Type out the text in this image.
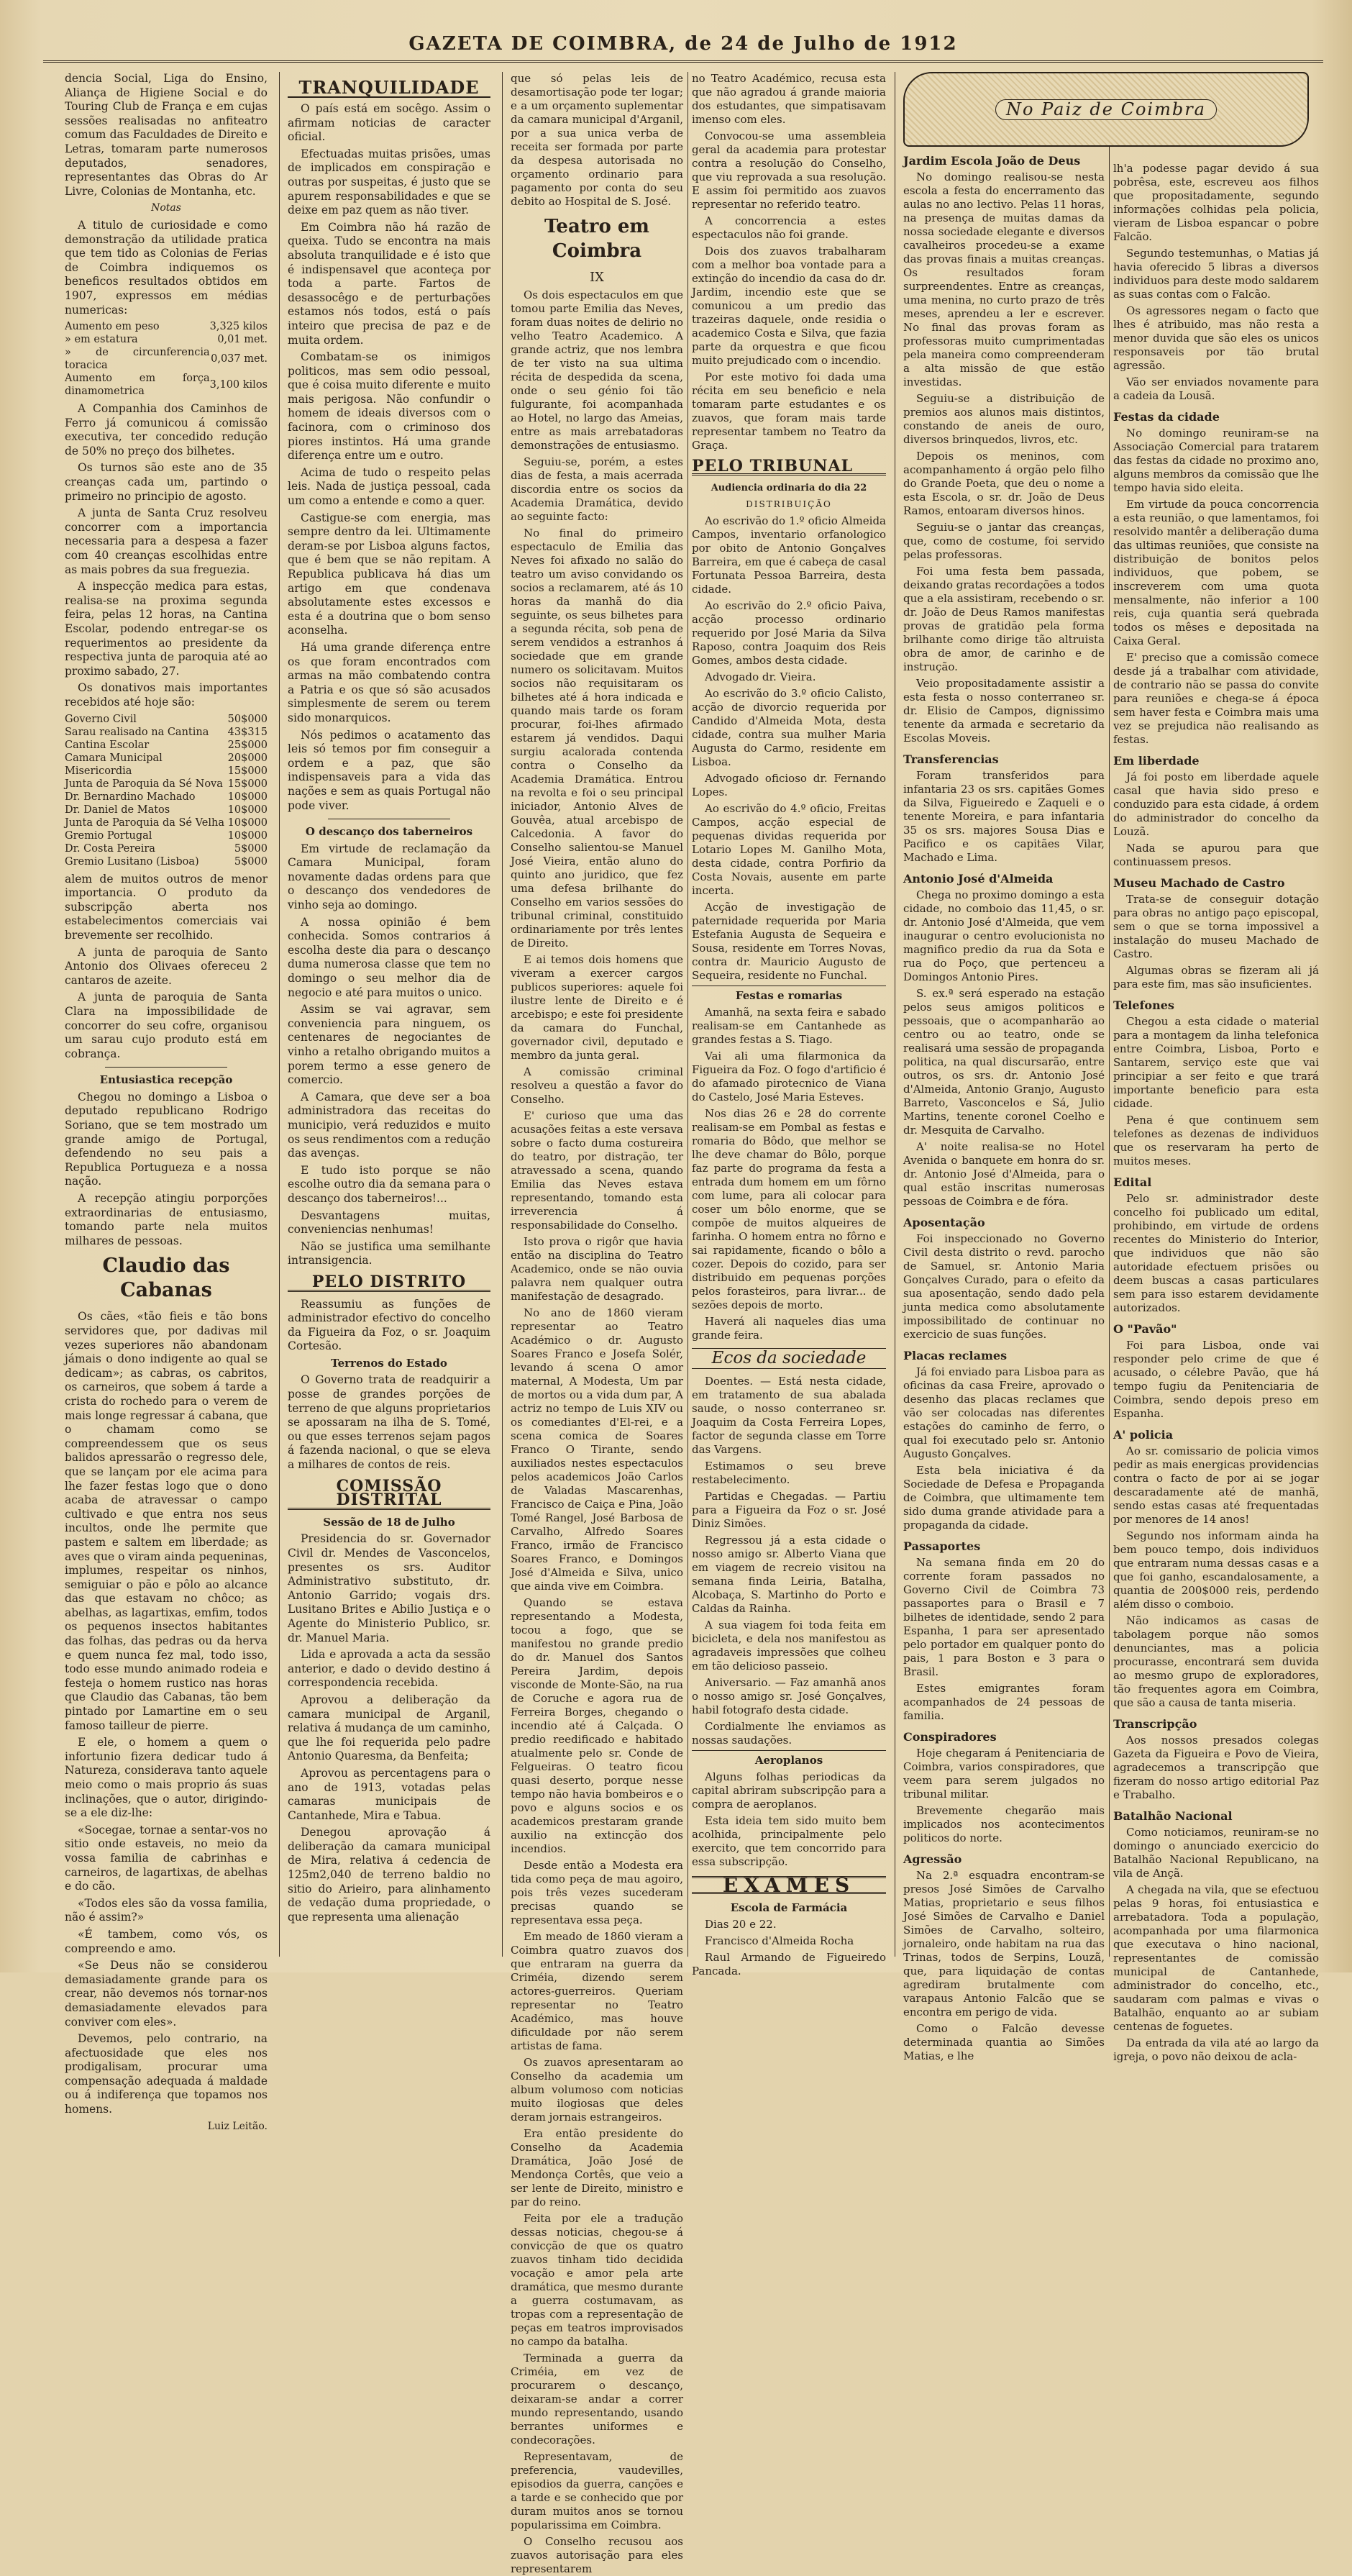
GAZETA DE COIMBRA, de 24 de Julho de 1912

dencia Social, Liga do Ensino, Aliança de Higiene Social e do Touring Club de França e em cujas sessões realisadas no anfiteatro comum das Faculdades de Direito e Letras, tomaram parte numerosos deputados, senadores, representantes das Obras do Ar Livre, Colonias de Montanha, etc.

Notas

A titulo de curiosidade e como demonstração da utilidade pratica que tem tido as Colonias de Ferias de Coimbra indiquemos os beneficos resultados obtidos em 1907, expressos em médias numericas:

Aumento em peso	3,325 kilos
» em estatura	0,01 met.
» de circunferencia toracica	0,037 met.
Aumento em força dinamometrica	3,100 kilos

A Companhia dos Caminhos de Ferro já comunicou á comissão executiva, ter concedido redução de 50% no preço dos bilhetes.

Os turnos são este ano de 35 creanças cada um, partindo o primeiro no principio de agosto.

A junta de Santa Cruz resolveu concorrer com a importancia necessaria para a despesa a fazer com 40 creanças escolhidas entre as mais pobres da sua freguezia.

A inspecção medica para estas, realisa-se na proxima segunda feira, pelas 12 horas, na Cantina Escolar, podendo entregar-se os requerimentos ao presidente da respectiva junta de paroquia até ao proximo sabado, 27.

Os donativos mais importantes recebidos até hoje são:

Governo Civil	50$000
Sarau realisado na Cantina	43$315
Cantina Escolar	25$000
Camara Municipal	20$000
Misericordia	15$000
Junta de Paroquia da Sé Nova	15$000
Dr. Bernardino Machado	10$000
Dr. Daniel de Matos	10$000
Junta de Paroquia da Sé Velha	10$000
Gremio Portugal	10$000
Dr. Costa Pereira	5$000
Gremio Lusitano (Lisboa)	5$000

alem de muitos outros de menor importancia. O produto da subscripção aberta nos estabelecimentos comerciais vai brevemente ser recolhido.

A junta de paroquia de Santo Antonio dos Olivaes ofereceu 2 cantaros de azeite.

A junta de paroquia de Santa Clara na impossibilidade de concorrer do seu cofre, organisou um sarau cujo produto está em cobrança.

Entusiastica recepção

Chegou no domingo a Lisboa o deputado republicano Rodrigo Soriano, que se tem mostrado um grande amigo de Portugal, defendendo no seu pais a Republica Portugueza e a nossa nação.

A recepção atingiu porporções extraordinarias de entusiasmo, tomando parte nela muitos milhares de pessoas.

Claudio das Cabanas

Os cães, «tão fieis e tão bons servidores que, por dadivas mil vezes superiores não abandonam jámais o dono indigente ao qual se dedicam»; as cabras, os cabritos, os carneiros, que sobem á tarde a crista do rochedo para o verem de mais longe regressar á cabana, que o chamam como se compreendessem que os seus balidos apressarão o regresso dele, que se lançam por ele acima para lhe fazer festas logo que o dono acaba de atravessar o campo cultivado e que entra nos seus incultos, onde lhe permite que pastem e saltem em liberdade; as aves que o viram ainda pequeninas, implumes, respeitar os ninhos, semiguiar o pão e pôlo ao alcance das que estavam no chôco; as abelhas, as lagartixas, emfim, todos os pequenos insectos habitantes das folhas, das pedras ou da herva e quem nunca fez mal, todo isso, todo esse mundo animado rodeia e festeja o homem rustico nas horas que Claudio das Cabanas, tão bem pintado por Lamartine em o seu famoso tailleur de pierre.

E ele, o homem a quem o infortunio fizera dedicar tudo á Natureza, considerava tanto aquele meio como o mais proprio ás suas inclinações, que o autor, dirigindo-se a ele diz-lhe:

«Socegae, tornae a sentar-vos no sitio onde estaveis, no meio da vossa familia de cabrinhas e carneiros, de lagartixas, de abelhas e do cão.

«Todos eles são da vossa familia, não é assim?»

«É tambem, como vós, os compreendo e amo.

«Se Deus não se considerou demasiadamente grande para os crear, não devemos nós tornar-nos demasiadamente elevados para conviver com eles».

Devemos, pelo contrario, na afectuosidade que eles nos prodigalisam, procurar uma compensação adequada á maldade ou á indiferença que topamos nos homens.

Luiz Leitão.
TRANQUILIDADE

O país está em socêgo. Assim o afirmam noticias de caracter oficial.

Efectuadas muitas prisões, umas de implicados em conspiração e outras por suspeitas, é justo que se apurem responsabilidades e que se deixe em paz quem as não tiver.

Em Coimbra não há razão de queixa. Tudo se encontra na mais absoluta tranquilidade e é isto que é indispensavel que aconteça por toda a parte. Fartos de desassocêgo e de perturbações estamos nós todos, está o país inteiro que precisa de paz e de muita ordem.

Combatam-se os inimigos politicos, mas sem odio pessoal, que é coisa muito diferente e muito mais perigosa. Não confundir o homem de ideais diversos com o facinora, com o criminoso dos piores instintos. Há uma grande diferença entre um e outro.

Acima de tudo o respeito pelas leis. Nada de justiça pessoal, cada um como a entende e como a quer.

Castigue-se com energia, mas sempre dentro da lei. Ultimamente deram-se por Lisboa alguns factos, que é bem que se não repitam. A Republica publicava há dias um artigo em que condenava absolutamente estes excessos e esta é a doutrina que o bom senso aconselha.

Há uma grande diferença entre os que foram encontrados com armas na mão combatendo contra a Patria e os que só são acusados simplesmente de serem ou terem sido monarquicos.

Nós pedimos o acatamento das leis só temos por fim conseguir a ordem e a paz, que são indispensaveis para a vida das nações e sem as quais Portugal não pode viver.

O descanço dos taberneiros

Em virtude de reclamação da Camara Municipal, foram novamente dadas ordens para que o descanço dos vendedores de vinho seja ao domingo.

A nossa opinião é bem conhecida. Somos contrarios á escolha deste dia para o descanço duma numerosa classe que tem no domingo o seu melhor dia de negocio e até para muitos o unico.

Assim se vai agravar, sem conveniencia para ninguem, os centenares de negociantes de vinho a retalho obrigando muitos a porem termo a esse genero de comercio.

A Camara, que deve ser a boa administradora das receitas do municipio, verá reduzidos e muito os seus rendimentos com a redução das avenças.

E tudo isto porque se não escolhe outro dia da semana para o descanço dos taberneiros!...

Desvantagens muitas, conveniencias nenhumas!

Não se justifica uma semilhante intransigencia.

PELO DISTRITO

Reassumiu as funções de administrador efectivo do concelho da Figueira da Foz, o sr. Joaquim Cortesão.

Terrenos do Estado

O Governo trata de readquirir a posse de grandes porções de terreno de que alguns proprietarios se apossaram na ilha de S. Tomé, ou que esses terrenos sejam pagos á fazenda nacional, o que se eleva a milhares de contos de reis.

COMISSÃO DISTRITAL
Sessão de 18 de Julho

Presidencia do sr. Governador Civil dr. Mendes de Vasconcelos, presentes os srs. Auditor Administrativo substituto, dr. Antonio Garrido; vogais drs. Lusitano Brites e Abilio Justiça e o Agente do Ministerio Publico, sr. dr. Manuel Maria.

Lida e aprovada a acta da sessão anterior, e dado o devido destino á correspondencia recebida.

Aprovou a deliberação da camara municipal de Arganil, relativa á mudança de um caminho, que lhe foi requerida pelo padre Antonio Quaresma, da Benfeita;

Aprovou as percentagens para o ano de 1913, votadas pelas camaras municipais de Cantanhede, Mira e Tabua.

Denegou aprovação á deliberação da camara municipal de Mira, relativa á cedencia de 125m2,040 de terreno baldio no sitio do Arieiro, para alinhamento de vedação duma propriedade, o que representa uma alienação

que só pelas leis de desamortisação pode ter logar; e a um orçamento suplementar da camara municipal d'Arganil, por a sua unica verba de receita ser formada por parte da despesa autorisada no orçamento ordinario para pagamento por conta do seu debito ao Hospital de S. José.

Teatro em Coimbra
IX

Os dois espectaculos em que tomou parte Emilia das Neves, foram duas noites de delirio no velho Teatro Academico. A grande actriz, que nos lembra de ter visto na sua ultima récita de despedida da scena, onde o seu génio foi tão fulgurante, foi acompanhada ao Hotel, no largo das Ameias, entre as mais arrebatadoras demonstrações de entusiasmo.

Seguiu-se, porém, a estes dias de festa, a mais acerrada discordia entre os socios da Academia Dramática, devido ao seguinte facto:

No final do primeiro espectaculo de Emilia das Neves foi afixado no salão do teatro um aviso convidando os socios a reclamarem, até ás 10 horas da manhã do dia seguinte, os seus bilhetes para a segunda récita, sob pena de serem vendidos a estranhos á sociedade que em grande numero os solicitavam. Muitos socios não requisitaram os bilhetes até á hora indicada e quando mais tarde os foram procurar, foi-lhes afirmado estarem já vendidos. Daqui surgiu acalorada contenda contra o Conselho da Academia Dramática. Entrou na revolta e foi o seu principal iniciador, Antonio Alves de Gouvêa, atual arcebispo de Calcedonia. A favor do Conselho salientou-se Manuel José Vieira, então aluno do quinto ano juridico, que fez uma defesa brilhante do Conselho em varios sessões do tribunal criminal, constituido ordinariamente por três lentes de Direito.

E ai temos dois homens que viveram a exercer cargos publicos superiores: aquele foi ilustre lente de Direito e é arcebispo; e este foi presidente da camara do Funchal, governador civil, deputado e membro da junta geral.

A comissão criminal resolveu a questão a favor do Conselho.

E' curioso que uma das acusações feitas a este versava sobre o facto duma costureira do teatro, por distração, ter atravessado a scena, quando Emilia das Neves estava representando, tomando esta irreverencia á responsabilidade do Conselho.

Isto prova o rigôr que havia então na disciplina do Teatro Academico, onde se não ouvia palavra nem qualquer outra manifestação de desagrado.

No ano de 1860 vieram representar ao Teatro Académico o dr. Augusto Soares Franco e Josefa Solér, levando á scena O amor maternal, A Modesta, Um par de mortos ou a vida dum par, A actriz no tempo de Luis XIV ou os comediantes d'El-rei, e a scena comica de Soares Franco O Tirante, sendo auxiliados nestes espectaculos pelos academicos João Carlos de Valadas Mascarenhas, Francisco de Caiça e Pina, João Tomé Rangel, José Barbosa de Carvalho, Alfredo Soares Franco, irmão de Francisco Soares Franco, e Domingos José d'Almeida e Silva, unico que ainda vive em Coimbra.

Quando se estava representando a Modesta, tocou a fogo, que se manifestou no grande predio do dr. Manuel dos Santos Pereira Jardim, depois visconde de Monte-São, na rua de Coruche e agora rua de Ferreira Borges, chegando o incendio até á Calçada. O predio reedificado e habitado atualmente pelo sr. Conde de Felgueiras. O teatro ficou quasi deserto, porque nesse tempo não havia bombeiros e o povo e alguns socios e os academicos prestaram grande auxilio na extincção dos incendios.

Desde então a Modesta era tida como peça de mau agoiro, pois três vezes sucederam precisas quando se representava essa peça.

Em meado de 1860 vieram a Coimbra quatro zuavos dos que entraram na guerra da Criméia, dizendo serem actores-guerreiros. Queriam representar no Teatro Académico, mas houve dificuldade por não serem artistas de fama.

Os zuavos apresentaram ao Conselho da academia um album volumoso com noticias muito ilogiosas que deles deram jornais estrangeiros.

Era então presidente do Conselho da Academia Dramática, João José de Mendonça Cortês, que veio a ser lente de Direito, ministro e par do reino.

Feita por ele a tradução dessas noticias, chegou-se á convicção de que os quatro zuavos tinham tido decidida vocação e amor pela arte dramática, que mesmo durante a guerra costumavam, as tropas com a representação de peças em teatros improvisados no campo da batalha.

Terminada a guerra da Criméia, em vez de procurarem o descanço, deixaram-se andar a correr mundo representando, usando berrantes uniformes e condecorações.

Representavam, de preferencia, vaudevilles, episodios da guerra, canções e a tarde e se conhecido que por duram muitos anos se tornou popularissima em Coimbra.

O Conselho recusou aos zuavos autorisação para eles representarem

no Teatro Académico, recusa esta que não agradou á grande maioria dos estudantes, que simpatisavam imenso com eles.

Convocou-se uma assembleia geral da academia para protestar contra a resolução do Conselho, que viu reprovada a sua resolução. E assim foi permitido aos zuavos representar no referido teatro.

A concorrencia a estes espectaculos não foi grande.

Dois dos zuavos trabalharam com a melhor boa vontade para a extinção do incendio da casa do dr. Jardim, incendio este que se comunicou a um predio das trazeiras daquele, onde residia o academico Costa e Silva, que fazia parte da orquestra e que ficou muito prejudicado com o incendio.

Por este motivo foi dada uma récita em seu beneficio e nela tomaram parte estudantes e os zuavos, que foram mais tarde representar tambem no Teatro da Graça.

PELO TRIBUNAL
Audiencia ordinaria do dia 22
DISTRIBUIÇÃO

Ao escrivão do 1.º oficio Almeida Campos, inventario orfanologico por obito de Antonio Gonçalves Barreira, em que é cabeça de casal Fortunata Pessoa Barreira, desta cidade.

Ao escrivão do 2.º oficio Paiva, acção processo ordinario requerido por José Maria da Silva Raposo, contra Joaquim dos Reis Gomes, ambos desta cidade.

Advogado dr. Vieira.

Ao escrivão do 3.º oficio Calisto, acção de divorcio requerida por Candido d'Almeida Mota, desta cidade, contra sua mulher Maria Augusta do Carmo, residente em Lisboa.

Advogado oficioso dr. Fernando Lopes.

Ao escrivão do 4.º oficio, Freitas Campos, acção especial de pequenas dividas requerida por Lotario Lopes M. Ganilho Mota, desta cidade, contra Porfirio da Costa Novais, ausente em parte incerta.

Acção de investigação de paternidade requerida por Maria Estefania Augusta de Sequeira e Sousa, residente em Torres Novas, contra dr. Mauricio Augusto de Sequeira, residente no Funchal.

Festas e romarias

Amanhã, na sexta feira e sabado realisam-se em Cantanhede as grandes festas a S. Tiago.

Vai ali uma filarmonica da Figueira da Foz. O fogo d'artificio é do afamado pirotecnico de Viana do Castelo, José Maria Esteves.

Nos dias 26 e 28 do corrente realisam-se em Pombal as festas e romaria do Bôdo, que melhor se lhe deve chamar do Bôlo, porque faz parte do programa da festa a entrada dum homem em um fôrno com lume, para ali colocar para coser um bôlo enorme, que se compõe de muitos alqueires de farinha. O homem entra no fôrno e sai rapidamente, ficando o bôlo a cozer. Depois do cozido, para ser distribuido em pequenas porções pelos forasteiros, para livrar... de sezões depois de morto.

Haverá ali naqueles dias uma grande feira.

Ecos da sociedade

Doentes. — Está nesta cidade, em tratamento de sua abalada saude, o nosso conterraneo sr. Joaquim da Costa Ferreira Lopes, factor de segunda classe em Torre das Vargens.

Estimamos o seu breve restabelecimento.

Partidas e Chegadas. — Partiu para a Figueira da Foz o sr. José Diniz Simões.

Regressou já a esta cidade o nosso amigo sr. Alberto Viana que em viagem de recreio visitou na semana finda Leiria, Batalha, Alcobaça, S. Martinho do Porto e Caldas da Rainha.

A sua viagem foi toda feita em bicicleta, e dela nos manifestou as agradaveis impressões que colheu em tão delicioso passeio.

Aniversario. — Faz amanhã anos o nosso amigo sr. José Gonçalves, habil fotografo desta cidade.

Cordialmente lhe enviamos as nossas saudações.

Aeroplanos

Alguns folhas periodicas da capital abriram subscripção para a compra de aeroplanos.

Esta ideia tem sido muito bem acolhida, principalmente pelo exercito, que tem concorrido para essa subscripção.

EXAMES
Escola de Farmácia

Dias 20 e 22.

Francisco d'Almeida Rocha

Raul Armando de Figueiredo Pancada.

No Paiz de Coimbra
Jardim Escola João de Deus

No domingo realisou-se nesta escola a festa do encerramento das aulas no ano lectivo. Pelas 11 horas, na presença de muitas damas da nossa sociedade elegante e diversos cavalheiros procedeu-se a exame das provas finais a muitas creanças. Os resultados foram surpreendentes. Entre as creanças, uma menina, no curto prazo de três meses, aprendeu a ler e escrever. No final das provas foram as professoras muito cumprimentadas pela maneira como compreenderam a alta missão de que estão investidas.

Seguiu-se a distribuição de premios aos alunos mais distintos, constando de aneis de ouro, diversos brinquedos, livros, etc.

Depois os meninos, com acompanhamento á orgão pelo filho do Grande Poeta, que deu o nome a esta Escola, o sr. dr. João de Deus Ramos, entoaram diversos hinos.

Seguiu-se o jantar das creanças, que, como de costume, foi servido pelas professoras.

Foi uma festa bem passada, deixando gratas recordações a todos que a ela assistiram, recebendo o sr. dr. João de Deus Ramos manifestas provas de gratidão pela forma brilhante como dirige tão altruista obra de amor, de carinho e de instrução.

Veio propositadamente assistir a esta festa o nosso conterraneo sr. dr. Elisio de Campos, dignissimo tenente da armada e secretario da Escolas Moveis.

Transferencias

Foram transferidos para infantaria 23 os srs. capitães Gomes da Silva, Figueiredo e Zaqueli e o tenente Moreira, e para infantaria 35 os srs. majores Sousa Dias e Pacifico e os capitães Vilar, Machado e Lima.

Antonio José d'Almeida

Chega no proximo domingo a esta cidade, no comboio das 11,45, o sr. dr. Antonio José d'Almeida, que vem inaugurar o centro evolucionista no magnifico predio da rua da Sota e rua do Poço, que pertenceu a Domingos Antonio Pires.

S. ex.ª será esperado na estação pelos seus amigos politicos e pessoais, que o acompanharão ao centro ou ao teatro, onde se realisará uma sessão de propaganda politica, na qual discursarão, entre outros, os srs. dr. Antonio José d'Almeida, Antonio Granjo, Augusto Barreto, Vasconcelos e Sá, Julio Martins, tenente coronel Coelho e dr. Mesquita de Carvalho.

A' noite realisa-se no Hotel Avenida o banquete em honra do sr. dr. Antonio José d'Almeida, para o qual estão inscritas numerosas pessoas de Coimbra e de fóra.

Aposentação

Foi inspeccionado no Governo Civil desta distrito o revd. parocho de Samuel, sr. Antonio Maria Gonçalves Curado, para o efeito da sua aposentação, sendo dado pela junta medica como absolutamente impossibilitado de continuar no exercicio de suas funções.

Placas reclames

Já foi enviado para Lisboa para as oficinas da casa Freire, aprovado o desenho das placas reclames que vão ser colocadas nas diferentes estações do caminho de ferro, o qual foi executado pelo sr. Antonio Augusto Gonçalves.

Esta bela iniciativa é da Sociedade de Defesa e Propaganda de Coimbra, que ultimamente tem sido duma grande atividade para a propaganda da cidade.

Passaportes

Na semana finda em 20 do corrente foram passados no Governo Civil de Coimbra 73 passaportes para o Brasil e 7 bilhetes de identidade, sendo 2 para Espanha, 1 para ser apresentado pelo portador em qualquer ponto do pais, 1 para Boston e 3 para o Brasil.

Estes emigrantes foram acompanhados de 24 pessoas de familia.

Conspiradores

Hoje chegaram á Penitenciaria de Coimbra, varios conspiradores, que veem para serem julgados no tribunal militar.

Brevemente chegarão mais implicados nos acontecimentos politicos do norte.

Agressão

Na 2.ª esquadra encontram-se presos José Simões de Carvalho Matias, proprietario e seus filhos José Simões de Carvalho e Daniel Simões de Carvalho, solteiro, jornaleiro, onde habitam na rua das Trinas, todos de Serpins, Louzã, que, para liquidação de contas agrediram brutalmente com varapaus Antonio Falcão que se encontra em perigo de vida.

Como o Falcão devesse determinada quantia ao Simões Matias, e lhe

lh'a podesse pagar devido á sua pobrêsa, este, escreveu aos filhos que propositadamente, segundo informações colhidas pela policia, vieram de Lisboa espancar o pobre Falcão.

Segundo testemunhas, o Matias já havia oferecido 5 libras a diversos individuos para deste modo saldarem as suas contas com o Falcão.

Os agressores negam o facto que lhes é atribuido, mas não resta a menor duvida que são eles os unicos responsaveis por tão brutal agressão.

Vão ser enviados novamente para a cadeia da Lousã.

Festas da cidade

No domingo reuniram-se na Associação Comercial para tratarem das festas da cidade no proximo ano, alguns membros da comissão que lhe tempo havia sido eleita.

Em virtude da pouca concorrencia a esta reunião, o que lamentamos, foi resolvido mantêr a deliberação duma das ultimas reuniões, que consiste na distribuição de bonitos pelos individuos, que pobem, se inscreverem com uma quota mensalmente, não inferior a 100 reis, cuja quantia será quebrada todos os mêses e depositada na Caixa Geral.

E' preciso que a comissão comece desde já a trabalhar com atividade, de contrario não se passa do convite para reuniões e chega-se á época sem haver festa e Coimbra mais uma vez se prejudica não realisando as festas.

Em liberdade

Já foi posto em liberdade aquele casal que havia sido preso e conduzido para esta cidade, á ordem do administrador do concelho da Louzã.

Nada se apurou para que continuassem presos.

Museu Machado de Castro

Trata-se de conseguir dotação para obras no antigo paço episcopal, sem o que se torna impossivel a instalação do museu Machado de Castro.

Algumas obras se fizeram ali já para este fim, mas são insuficientes.

Telefones

Chegou a esta cidade o material para a montagem da linha telefonica entre Coimbra, Lisboa, Porto e Santarem, serviço este que vai principiar a ser feito e que trará importante beneficio para esta cidade.

Pena é que continuem sem telefones as dezenas de individuos que os reservaram ha perto de muitos meses.

Edital

Pelo sr. administrador deste concelho foi publicado um edital, prohibindo, em virtude de ordens recentes do Ministerio do Interior, que individuos que não são autoridade efectuem prisões ou deem buscas a casas particulares sem para isso estarem devidamente autorizados.

O "Pavão"

Foi para Lisboa, onde vai responder pelo crime de que é acusado, o célebre Pavão, que há tempo fugiu da Penitenciaria de Coimbra, sendo depois preso em Espanha.

A' policia

Ao sr. comissario de policia vimos pedir as mais energicas providencias contra o facto de por ai se jogar descaradamente até de manhã, sendo estas casas até frequentadas por menores de 14 anos!

Segundo nos informam ainda ha bem pouco tempo, dois individuos que entraram numa dessas casas e a que foi ganho, escandalosamente, a quantia de 200$000 reis, perdendo além disso o comboio.

Não indicamos as casas de tabolagem porque não somos denunciantes, mas a policia procurasse, encontrará sem duvida ao mesmo grupo de exploradores, tão frequentes agora em Coimbra, que são a causa de tanta miseria.

Transcripção

Aos nossos presados colegas Gazeta da Figueira e Povo de Vieira, agradecemos a transcripção que fizeram do nosso artigo editorial Paz e Trabalho.

Batalhão Nacional

Como noticiamos, reuniram-se no domingo o anunciado exercicio do Batalhão Nacional Republicano, na vila de Ançã.

A chegada na vila, que se efectuou pelas 9 horas, foi entusiastica e arrebatadora. Toda a população, acompanhada por uma filarmonica que executava o hino nacional, representantes de comissão municipal de Cantanhede, administrador do concelho, etc., saudaram com palmas e vivas o Batalhão, enquanto ao ar subiam centenas de foguetes.

Da entrada da vila até ao largo da igreja, o povo não deixou de acla-
